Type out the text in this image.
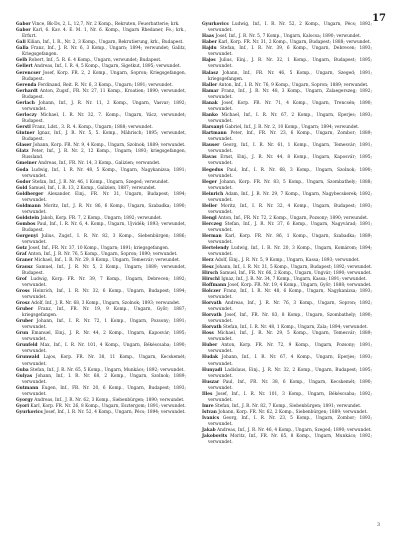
17
Gabor Vince, Bk-Ds, 2, L, 12,7, Nr. 2 Komp., Rekruten, Feuerbatterie; krk.
Gabor Karl, 6. Kav. 4. E. M. 1, Nr. 6. Komp., Ungarn Rhedaner, Fe.; krk., Erfurt.
Gali Kilian, Inf., I. R., Nr. 2, 3 Komp., Ungarn, Rekrutierung, krk., Budapest.
Galla Franz, Inf., J. R. Nr. 6, 3 Komp., Ungarn; 1894; verwundet; Galitz, Kriegsgefangen.
Gelb Robert, Inf., 5. R. 6. 4 Komp., Ungarn, verwundet; Budapest.
Gellert Andreas, Inf., I. R. 4, 5 Komp., Ungarn, Sigetkut, 1895; verwundet.
Gerencser Josef, Korp. FR. 2, 2 Komp., Ungarn, Sopron; Kriegsgefangen, Budapest.
Gerenda Ferdinand, Reit. R. Nr. 6, 3 Komp., Ungarn; 1891; verwundet.
Gerhardt Anton, Zugsf., FR. Nr. 27, 11 Komp., Kroatien; 1890; verwundet, Budapest.
Gerlach Johann, Inf., J. R. Nr. 11, 2 Komp., Ungarn, Vasvar; 1892; verwundet.
Gerloczy Michael, I. R. Nr. 32, 7. Komp., Ungarn, Vácz, verwundet; Budapest.
Gerstl Franz, Ldst., 3. R. 4. Komp., Ungarn; 1888; verwundet.
Gintner Ignaz, Inf., J. R. Nr. 5, 5. Komp., Mährisch; 1895; verwundet, Budapest.
Glaser Johann, Korp. FR. Nr. 9, 4 Komp., Ungarn, Szolnok; 1889; verwundet.
Glatz Peter, Inf., J. R. Nr. 2, 12 Komp., Ungarn; 1893; kriegsgefangen, Russland.
Gmeiner Andreas, Inf., FR. Nr. 14, 3 Komp., Galizien; verwundet.
Goda Ludwig, Inf., I. R. Nr. 48, 5 Komp., Ungarn, Nagykanizsa; 1891; verwundet.
Godor Stefan, Inf., J. R. Nr. 46, 1 Komp., Ungarn, Szeged; verwundet.
Gold Samuel, Inf., I. R. 13, 2 Komp., Galizien, 1887; verwundet.
Goldberger Alexander, Einj., FR. Nr. 31, Ungarn, Budapest; 1894; verwundet.
Goldmann Moritz, Inf., J. R. Nr. 86, 6 Komp., Ungarn, Szabadka; 1890; verwundet.
Goldstein Jakob, Korp. FR. 7, 2 Komp., Ungarn; 1892; verwundet.
Gombos Paul, Inf., I. R. Nr. 6, 4. Komp., Ungarn, Ujvidék; 1893; verwundet, Budapest.
Gorgenyi Julius, Zugsf., I. R. Nr. 82, 3 Komp., Siebenbürgen; 1886; verwundet.
Gotz Josef, Inf., FR. Nr. 37, 10 Komp., Ungarn; 1891; kriegsgefangen.
Graf Anton, Inf., J. R. Nr. 76, 5 Komp., Ungarn, Sopron; 1890; verwundet.
Graner Michael, Inf., I. R. Nr. 29, 8 Komp., Ungarn, Temesvár; verwundet.
Grausz Samuel, Inf., J. R. Nr. 5, 2 Komp., Ungarn; 1889; verwundet, Budapest.
Grof Ludwig, Korp. FR. Nr. 39, 7 Komp., Ungarn, Debrecen; 1892; verwundet.
Gross Heinrich, Inf., I. R. Nr. 32, 6 Komp., Ungarn, Budapest; 1894; verwundet.
Grosz Adolf, Inf., J. R. Nr. 68, 3 Komp., Ungarn, Szolnok; 1893; verwundet.
Gruber Franz, Inf., FR. Nr. 19, 9 Komp., Ungarn, Győr; 1887; kriegsgefangen.
Gruber Johann, Inf., I. R. Nr. 72, 1 Komp., Ungarn, Pozsony; 1891; verwundet.
Grun Emanuel, Einj., J. R. Nr. 44, 2 Komp., Ungarn, Kaposvár; 1895; verwundet.
Grunfeld Max, Inf., I. R. Nr. 101, 4 Komp., Ungarn, Békéscsaba; 1890; verwundet.
Grunwald Lajos, Korp. FR. Nr. 38, 11 Komp., Ungarn, Kecskemét; verwundet.
Guba Stefan, Inf., J. R. Nr. 65, 5 Komp., Ungarn, Munkács; 1892; verwundet.
Gulyas Johann, Inf., I. R. Nr. 68, 2 Komp., Ungarn, Szolnok; 1889; verwundet.
Gutmann Eugen, Inf., FR. Nr. 20, 6 Komp., Ungarn, Budapest; 1893; verwundet.
Gyorgy Andreas, Inf., J. R. Nr. 62, 3 Komp., Siebenbürgen; 1890; verwundet.
Gyori Karl, Korp. FR. Nr. 26, 8 Komp., Ungarn, Esztergom; 1891; verwundet.
Gyurkovics Josef, Inf., I. R. Nr. 52, 4 Komp., Ungarn, Pécs; 1894; verwundet.
Gyurkovics Ludwig, Inf., I. R. Nr. 52, 2 Komp., Ungarn, Pécs; 1892; verwundet.
Haas Josef, Inf., J. R. Nr. 5, 7 Komp., Ungarn, Kalocsa; 1890; verwundet.
Haber Karl, Korp. FR. Nr. 31, 2 Komp., Ungarn, Budapest; 1888; verwundet.
Hajdu Stefan, Inf., I. R. Nr. 39, 6 Komp., Ungarn, Debrecen; 1893; verwundet.
Hajos Julius, Einj., J. R. Nr. 32, 1 Komp., Ungarn, Budapest; 1895; verwundet.
Halasz Johann, Inf., FR. Nr. 46, 5 Komp., Ungarn, Szeged; 1891; kriegsgefangen.
Haller Anton, Inf., I. R. Nr. 76, 9 Komp., Ungarn, Sopron; 1889; verwundet.
Hamar Franz, Inf., J. R. Nr. 48, 3 Komp., Ungarn, Zalaegerszeg; 1892; verwundet.
Hanak Josef, Korp. FR. Nr. 71, 4 Komp., Ungarn, Trencsén; 1890; verwundet.
Hanko Michael, Inf., I. R. Nr. 67, 2 Komp., Ungarn, Eperjes; 1893; verwundet.
Harsanyi Gabriel, Inf., J. R. Nr. 2, 10 Komp., Ungarn; 1894; verwundet.
Hartmann Peter, Inf., FR. Nr. 23, 6 Komp., Ungarn, Zombor; 1889; verwundet.
Hauser Georg, Inf., I. R. Nr. 61, 1 Komp., Ungarn, Temesvár; 1891; verwundet.
Havas Ernst, Einj., J. R. Nr. 44, 8 Komp., Ungarn, Kaposvár; 1895; verwundet.
Hegedus Paul, Inf., I. R. Nr. 68, 3 Komp., Ungarn, Szolnok; 1890; verwundet.
Heger Johann, Korp. FR. Nr. 83, 5 Komp., Ungarn, Szombathely; 1888; verwundet.
Heinrich Adam, Inf., J. R. Nr. 29, 7 Komp., Ungarn, Nagybecskerek; 1892; verwundet.
Heller Moritz, Inf., I. R. Nr. 32, 4 Komp., Ungarn, Budapest; 1893; verwundet.
Hengl Anton, Inf., FR. Nr. 72, 2 Komp., Ungarn, Pozsony; 1890; verwundet.
Herczeg Stefan, Inf., J. R. Nr. 37, 6 Komp., Ungarn, Nagyvárad; 1891; verwundet.
Herman Karl, Korp. FR. Nr. 86, 1 Komp., Ungarn, Szabadka; 1889; verwundet.
Hertelendy Ludwig, Inf., I. R. Nr. 20, 3 Komp., Ungarn, Komárom; 1894; verwundet.
Herz Adolf, Einj., J. R. Nr. 5, 9 Komp., Ungarn, Kassa; 1893; verwundet.
Hesz Johann, Inf., I. R. Nr. 31, 5 Komp., Ungarn, Budapest; 1892; verwundet.
Hirsch Samuel, Inf., FR. Nr. 66, 2 Komp., Ungarn, Ungvár; 1890; verwundet.
Hirschl Ignaz, Inf., J. R. Nr. 34, 7 Komp., Ungarn, Kassa; 1891; verwundet.
Hoffmann Josef, Korp. FR. Nr. 19, 4 Komp., Ungarn, Győr; 1888; verwundet.
Holczer Franz, Inf., I. R. Nr. 48, 6 Komp., Ungarn, Nagykanizsa; 1893; verwundet.
Horvath Andreas, Inf., J. R. Nr. 76, 3 Komp., Ungarn, Sopron; 1892; verwundet.
Horvath Josef, Inf., FR. Nr. 83, 8 Komp., Ungarn, Szombathely; 1890; verwundet.
Horvath Stefan, Inf., I. R. Nr. 48, 1 Komp., Ungarn, Zala; 1894; verwundet.
Hoss Michael, Inf., J. R. Nr. 29, 5 Komp., Ungarn, Temesvár; 1889; verwundet.
Huber Anton, Korp. FR. Nr. 72, 9 Komp., Ungarn, Pozsony; 1891; verwundet.
Hudak Johann, Inf., I. R. Nr. 67, 4 Komp., Ungarn, Eperjes; 1893; verwundet.
Hunyadi Ladislaus, Einj., J. R. Nr. 32, 2 Komp., Ungarn, Budapest; 1895; verwundet.
Huszar Paul, Inf., FR. Nr. 38, 6 Komp., Ungarn, Kecskemét; 1890; verwundet.
Illes Josef, Inf., I. R. Nr. 101, 3 Komp., Ungarn, Békéscsaba; 1892; verwundet.
Imre Stefan, Inf., J. R. Nr. 82, 7 Komp., Siebenbürgen; 1891; verwundet.
Istvan Johann, Korp. FR. Nr. 62, 2 Komp., Siebenbürgen; 1889; verwundet.
Ivanics Georg, Inf., I. R. Nr. 23, 5 Komp., Ungarn, Zombor; 1893; verwundet.
Jakab Andreas, Inf., J. R. Nr. 46, 4 Komp., Ungarn, Szeged; 1890; verwundet.
Jakobovits Moritz, Inf., FR. Nr. 65, 8 Komp., Ungarn, Munkács; 1892; verwundet.
3
